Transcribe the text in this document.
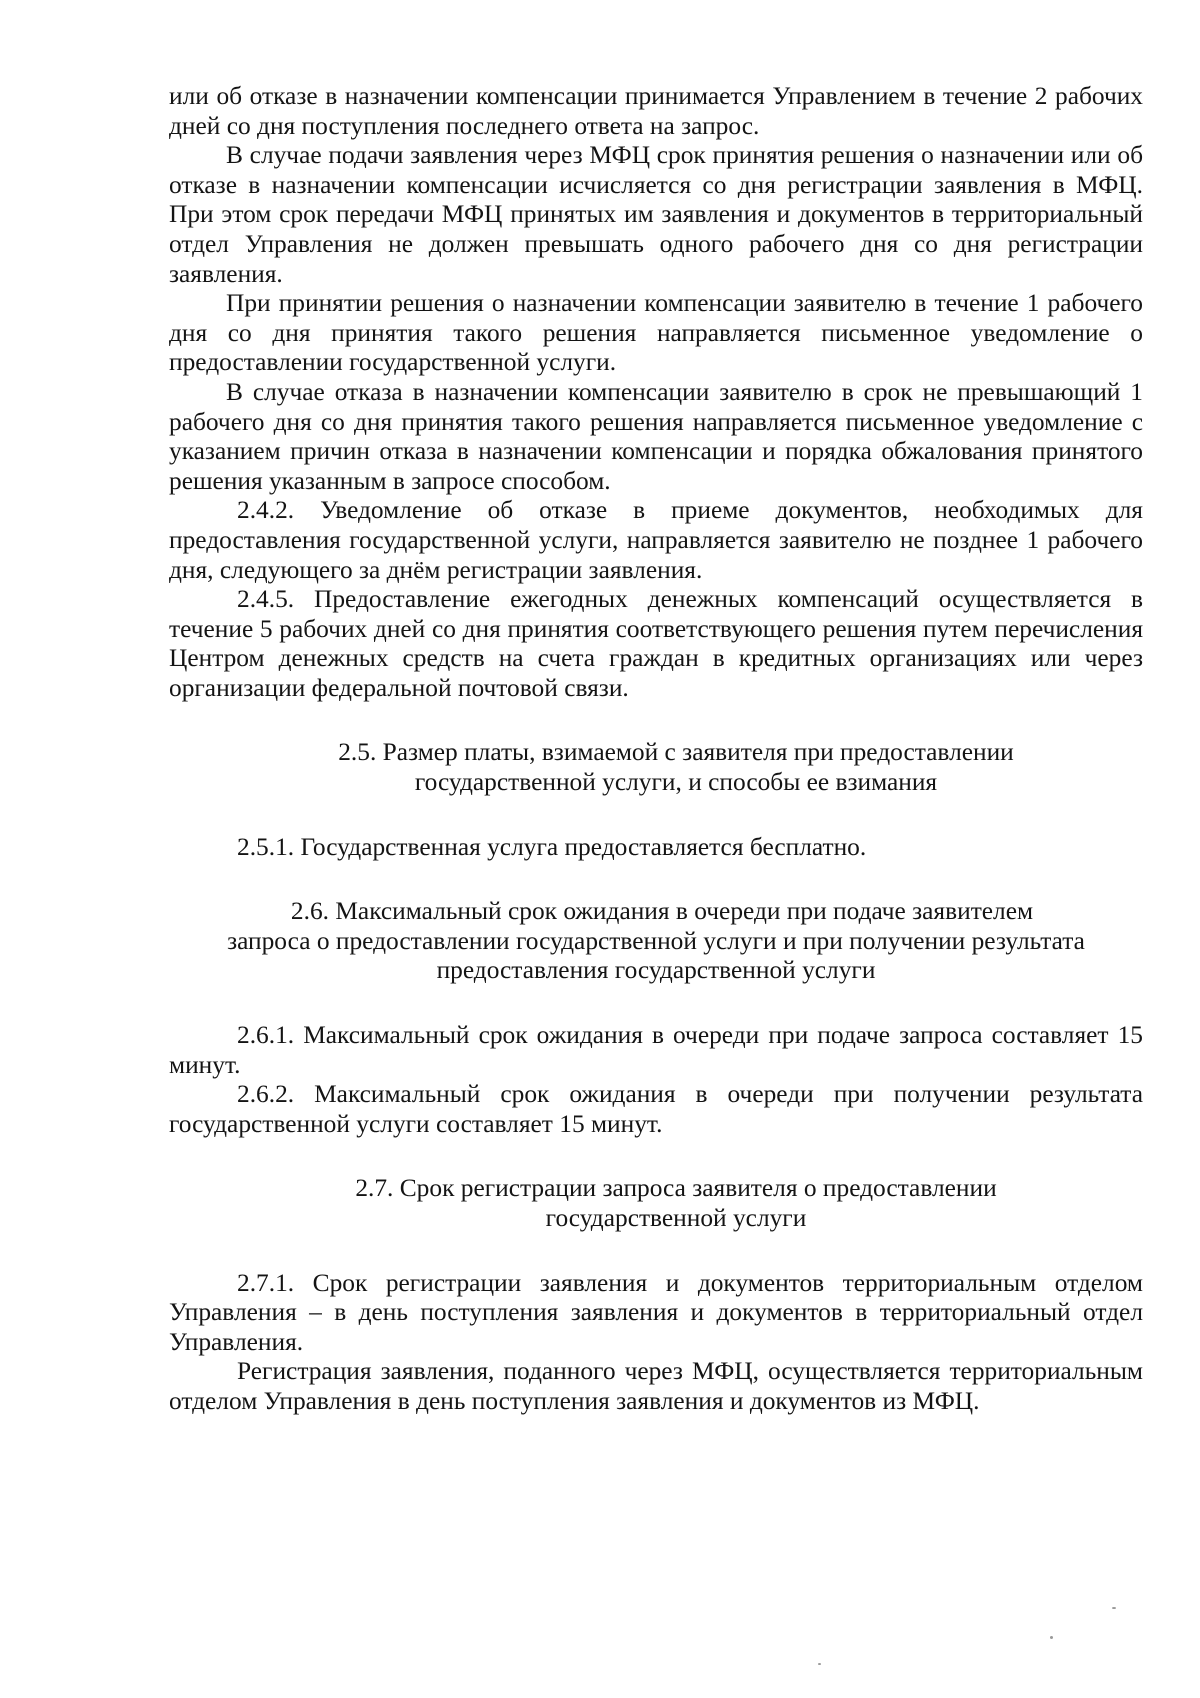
или об отказе в назначении компенсации принимается Управлением в течение 2 рабочих дней со дня поступления последнего ответа на запрос.

В случае подачи заявления через МФЦ срок принятия решения о назначении или об отказе в назначении компенсации исчисляется со дня регистрации заявления в МФЦ. При этом срок передачи МФЦ принятых им заявления и документов в территориальный отдел Управления не должен превышать одного рабочего дня со дня регистрации заявления.

При принятии решения о назначении компенсации заявителю в течение 1 рабочего дня со дня принятия такого решения направляется письменное уведомление о предоставлении государственной услуги.

В случае отказа в назначении компенсации заявителю в срок не превышающий 1 рабочего дня со дня принятия такого решения направляется письменное уведомление с указанием причин отказа в назначении компенсации и порядка обжалования принятого решения указанным в запросе способом.

2.4.2. Уведомление об отказе в приеме документов, необходимых для предоставления государственной услуги, направляется заявителю не позднее 1 рабочего дня, следующего за днём регистрации заявления.

2.4.5. Предоставление ежегодных денежных компенсаций осуществляется в течение 5 рабочих дней со дня принятия соответствующего решения путем перечисления Центром денежных средств на счета граждан в кредитных организациях или через организации федеральной почтовой связи.

2.5. Размер платы, взимаемой с заявителя при предоставлении
государственной услуги, и способы ее взимания

2.5.1. Государственная услуга предоставляется бесплатно.

2.6. Максимальный срок ожидания в очереди при подаче заявителем
запроса о предоставлении государственной услуги и при получении результата
предоставления государственной услуги

2.6.1. Максимальный срок ожидания в очереди при подаче запроса составляет 15 минут.

2.6.2. Максимальный срок ожидания в очереди при получении результата государственной услуги составляет 15 минут.

2.7. Срок регистрации запроса заявителя о предоставлении
государственной услуги

2.7.1. Срок регистрации заявления и документов территориальным отделом Управления – в день поступления заявления и документов в территориальный отдел Управления.

Регистрация заявления, поданного через МФЦ, осуществляется территориальным отделом Управления в день поступления заявления и документов из МФЦ.
